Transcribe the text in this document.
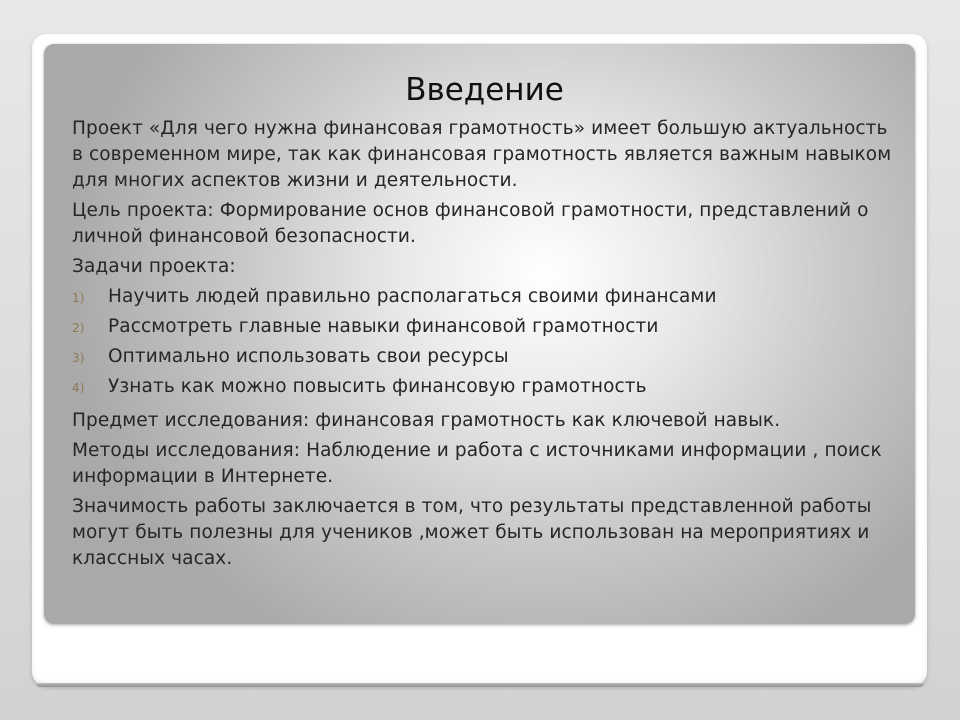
Введение

Проект «Для чего нужна финансовая грамотность» имеет большую актуальность в современном мире, так как финансовая грамотность является важным навыком для многих аспектов жизни и деятельности.

Цель проекта: Формирование основ финансовой грамотности, представлений о личной финансовой безопасности.

Задачи проекта:

1)	Научить людей правильно располагаться своими финансами
2)	Рассмотреть главные навыки финансовой грамотности
3)	Оптимально использовать свои ресурсы
4)	Узнать как можно повысить финансовую грамотность

Предмет исследования: финансовая грамотность как ключевой навык.

Методы исследования: Наблюдение и работа с источниками информации , поиск информации в Интернете.

Значимость работы заключается в том, что результаты представленной работы могут быть полезны для учеников ,может быть использован на мероприятиях и классных часах.
